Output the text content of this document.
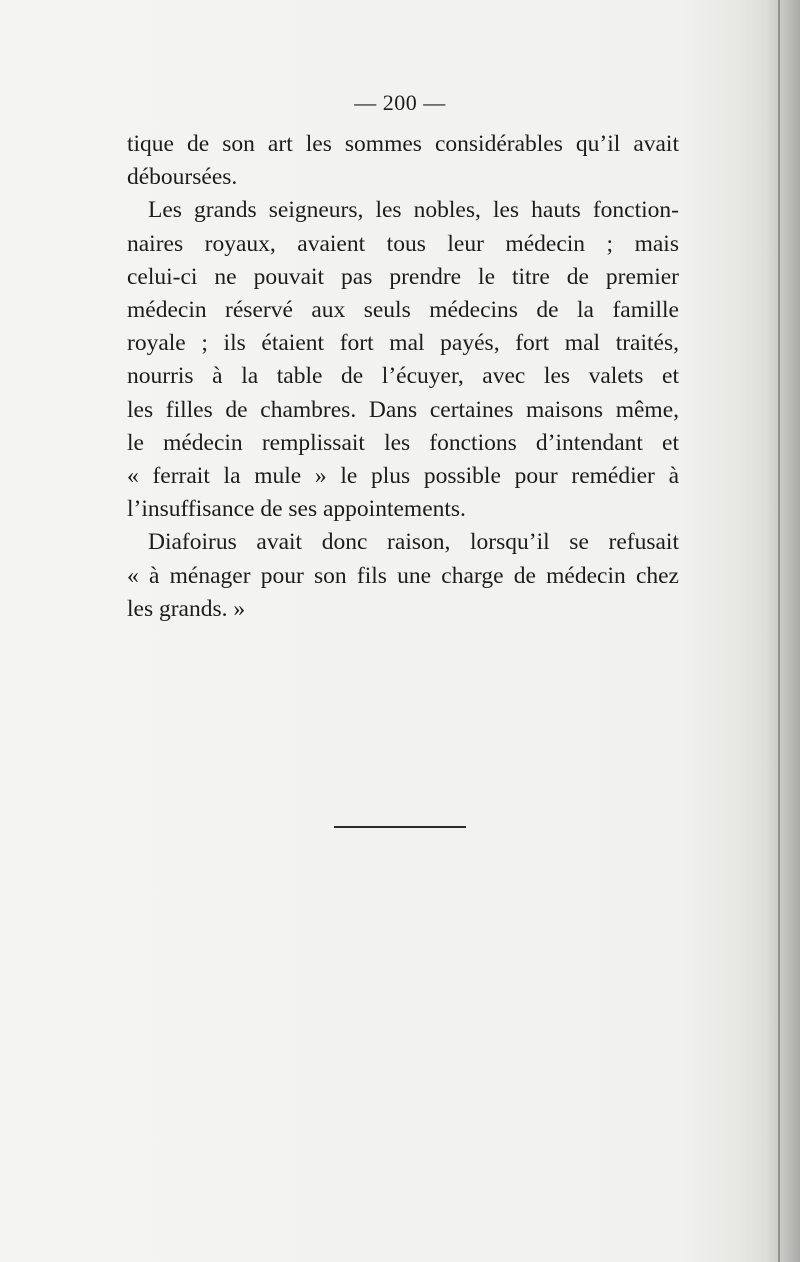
— 200 —
tique de son art les sommes considérables qu’il avait
déboursées.
Les grands seigneurs, les nobles, les hauts fonction-
naires royaux, avaient tous leur médecin ; mais
celui-ci ne pouvait pas prendre le titre de premier
médecin réservé aux seuls médecins de la famille
royale ; ils étaient fort mal payés, fort mal traités,
nourris à la table de l’écuyer, avec les valets et
les filles de chambres. Dans certaines maisons même,
le médecin remplissait les fonctions d’intendant et
« ferrait la mule » le plus possible pour remédier à
l’insuffisance de ses appointements.
Diafoirus avait donc raison, lorsqu’il se refusait
« à ménager pour son fils une charge de médecin chez
les grands. »
